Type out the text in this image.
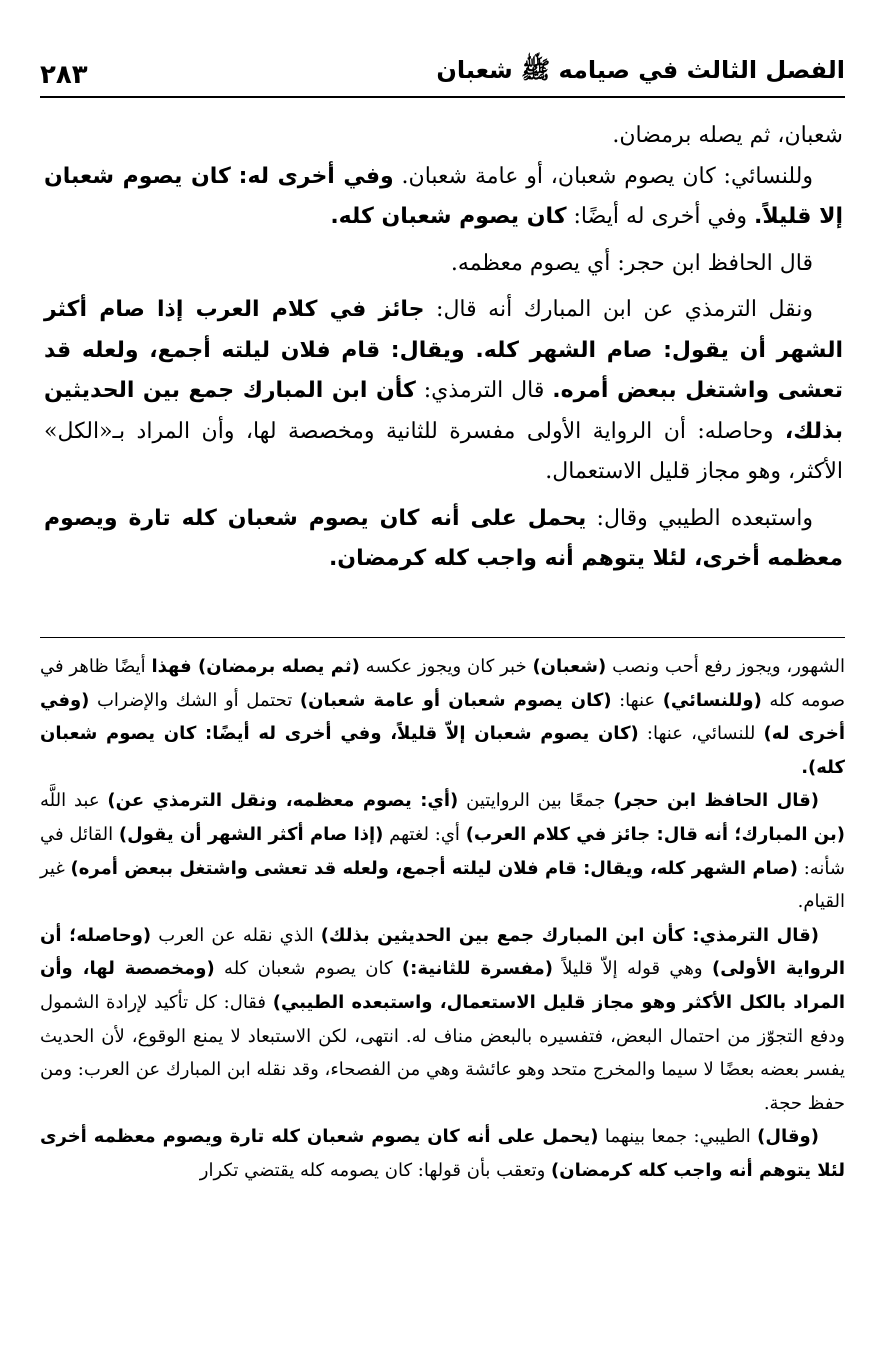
الفصل الثالث في صيامه ﷺ شعبان
٢٨٣

شعبان، ثم يصله برمضان.

وللنسائي: كان يصوم شعبان، أو عامة شعبان. وفي أخرى له: كان يصوم شعبان إلا قليلاً. وفي أخرى له أيضًا: كان يصوم شعبان كله.

قال الحافظ ابن حجر: أي يصوم معظمه.

ونقل الترمذي عن ابن المبارك أنه قال: جائز في كلام العرب إذا صام أكثر الشهر أن يقول: صام الشهر كله. ويقال: قام فلان ليلته أجمع، ولعله قد تعشى واشتغل ببعض أمره. قال الترمذي: كأن ابن المبارك جمع بين الحديثين بذلك، وحاصله: أن الرواية الأولى مفسرة للثانية ومخصصة لها، وأن المراد بـ«الكل» الأكثر، وهو مجاز قليل الاستعمال.

واستبعده الطيبي وقال: يحمل على أنه كان يصوم شعبان كله تارة ويصوم معظمه أخرى، لئلا يتوهم أنه واجب كله كرمضان.

الشهور، ويجوز رفع أحب ونصب (شعبان) خبر كان ويجوز عكسه (ثم يصله برمضان) فهذا أيضًا ظاهر في صومه كله (وللنسائي) عنها: (كان يصوم شعبان أو عامة شعبان) تحتمل أو الشك والإضراب (وفي أخرى له) للنسائي، عنها: (كان يصوم شعبان إلاّ قليلاً، وفي أخرى له أيضًا: كان يصوم شعبان كله).

(قال الحافظ ابن حجر) جمعًا بين الروايتين (أي: يصوم معظمه، ونقل الترمذي عن) عبد اللَّه (بن المبارك؛ أنه قال: جائز في كلام العرب) أي: لغتهم (إذا صام أكثر الشهر أن يقول) القائل في شأنه: (صام الشهر كله، ويقال: قام فلان ليلته أجمع، ولعله قد تعشى واشتغل ببعض أمره) غير القيام.

(قال الترمذي: كأن ابن المبارك جمع بين الحديثين بذلك) الذي نقله عن العرب (وحاصله؛ أن الرواية الأولى) وهي قوله إلاّ قليلاً (مفسرة للثانية:) كان يصوم شعبان كله (ومخصصة لها، وأن المراد بالكل الأكثر وهو مجاز قليل الاستعمال، واستبعده الطيبي) فقال: كل تأكيد لإرادة الشمول ودفع التجوّز من احتمال البعض، فتفسيره بالبعض مناف له. انتهى، لكن الاستبعاد لا يمنع الوقوع، لأن الحديث يفسر بعضه بعضًا لا سيما والمخرج متحد وهو عائشة وهي من الفصحاء، وقد نقله ابن المبارك عن العرب: ومن حفظ حجة.

(وقال) الطيبي: جمعا بينهما (يحمل على أنه كان يصوم شعبان كله تارة ويصوم معظمه أخرى لئلا يتوهم أنه واجب كله كرمضان) وتعقب بأن قولها: كان يصومه كله يقتضي تكرار
